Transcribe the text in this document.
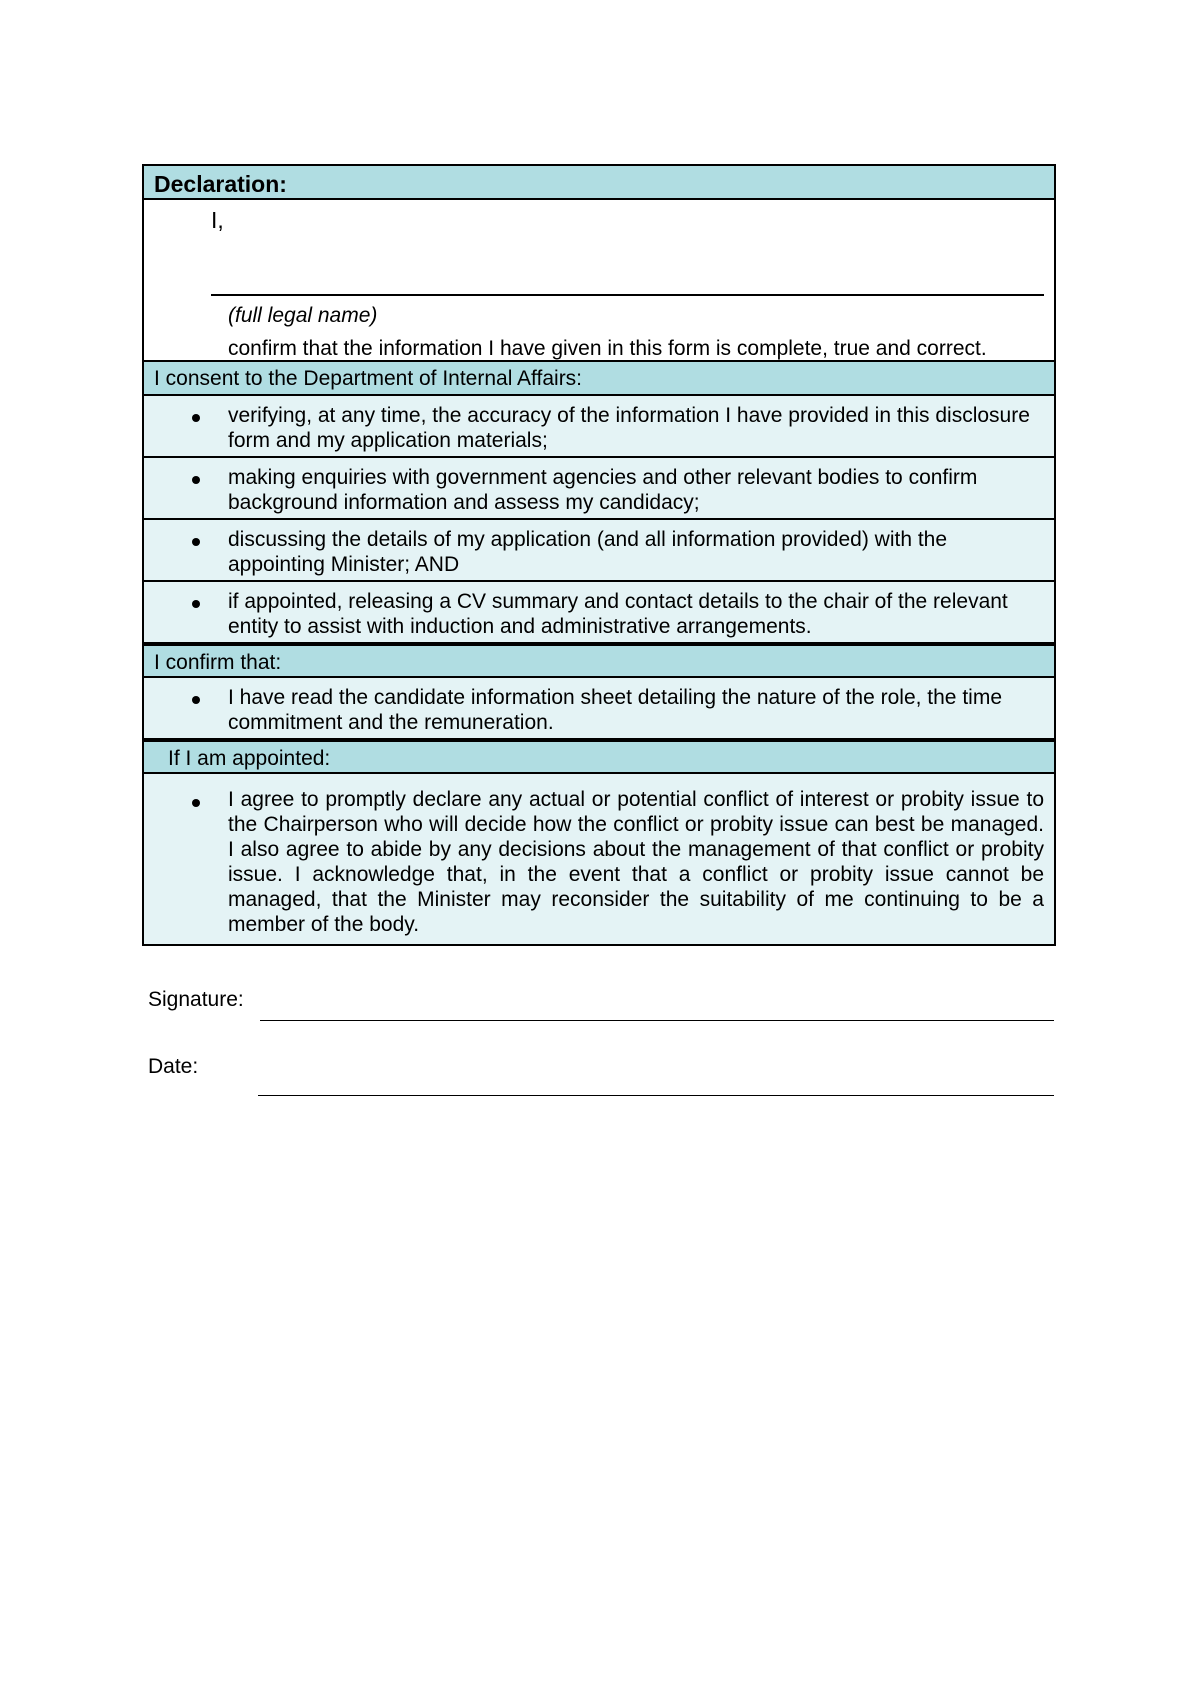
Declaration:
I,
(full legal name)
confirm that the information I have given in this form is complete, true and correct.
I consent to the Department of Internal Affairs:
verifying, at any time, the accuracy of the information I have provided in this disclosure form and my application materials;
making enquiries with government agencies and other relevant bodies to confirm background information and assess my candidacy;
discussing the details of my application (and all information provided) with the appointing Minister; AND
if appointed, releasing a CV summary and contact details to the chair of the relevant entity to assist with induction and administrative arrangements.
I confirm that:
I have read the candidate information sheet detailing the nature of the role, the time commitment and the remuneration.
If I am appointed:
I agree to promptly declare any actual or potential conflict of interest or probity issue to the Chairperson who will decide how the conflict or probity issue can best be managed. I also agree to abide by any decisions about the management of that conflict or probity issue. I acknowledge that, in the event that a conflict or probity issue cannot be managed, that the Minister may reconsider the suitability of me continuing to be a member of the body.
Signature:
Date:
